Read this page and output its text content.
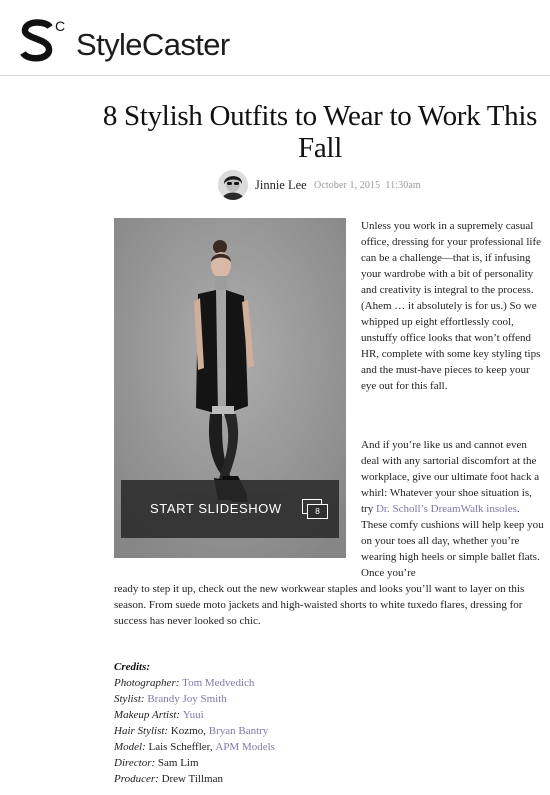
C
StyleCaster
8 Stylish Outfits to Wear to Work This Fall
Jinnie Lee October 1, 2015 11:30am
START SLIDESHOW	8

Unless you work in a supremely casual office, dressing for your professional life can be a challenge—that is, if infusing your wardrobe with a bit of personality and creativity is integral to the process. (Ahem … it absolutely is for us.) So we whipped up eight effortlessly cool, unstuffy office looks that won’t offend HR, complete with some key styling tips and the must-have pieces to keep your eye out for this fall.

And if you’re like us and cannot even deal with any sartorial discomfort at the workplace, give our ultimate foot hack a whirl: Whatever your shoe situation is, try Dr. Scholl’s DreamWalk insoles. These comfy cushions will help keep you on your toes all day, whether you’re wearing high heels or simple ballet flats. Once you’re

ready to step it up, check out the new workwear staples and looks you’ll want to layer on this season. From suede moto jackets and high-waisted shorts to white tuxedo flares, dressing for success has never looked so chic.

Credits:
Photographer: Tom Medvedich
Stylist: Brandy Joy Smith
Makeup Artist: Yuui
Hair Stylist: Kozmo, Bryan Bantry
Model: Lais Scheffler, APM Models
Director: Sam Lim
Producer: Drew Tillman
